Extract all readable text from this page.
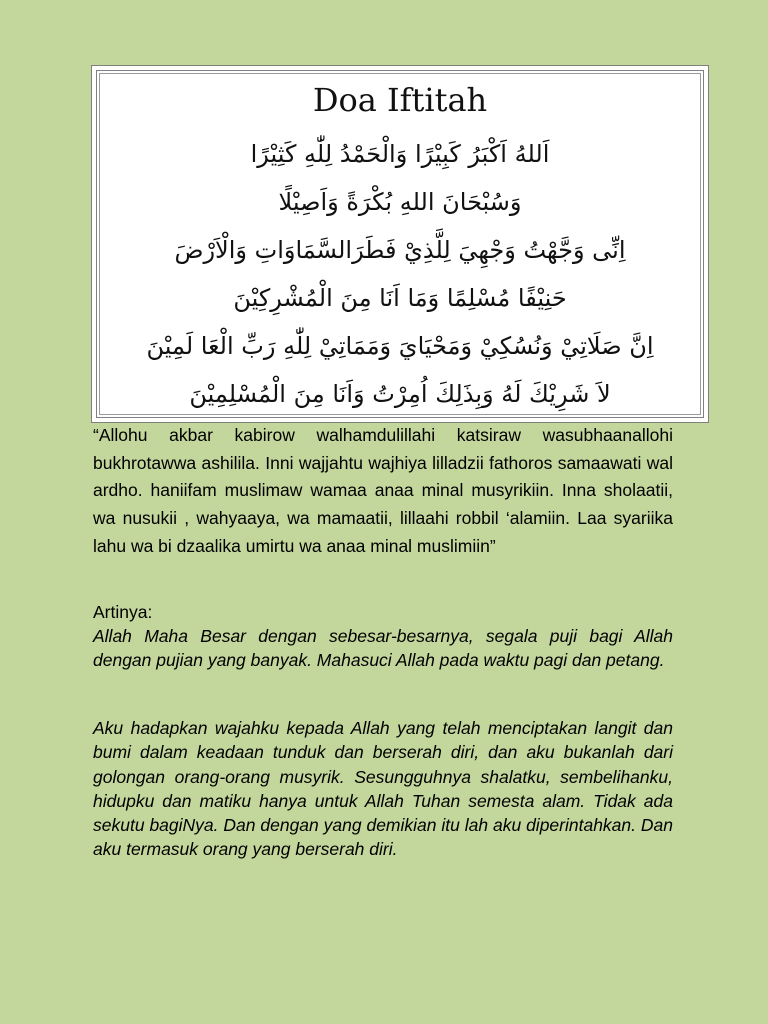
Doa Iftitah
اَللهُ اَكْبَرُ كَبِيْرًا وَالْحَمْدُ لِلّٰهِ كَثِيْرًا
وَسُبْحَانَ اللهِ بُكْرَةً وَاَصِيْلًا
اِنِّى وَجَّهْتُ وَجْهِيَ لِلَّذِيْ فَطَرَالسَّمَاوَاتِ وَالْاَرْضَ
حَنِيْفًا مُسْلِمًا وَمَا اَنَا مِنَ الْمُشْرِكِيْنَ
اِنَّ صَلَاتِيْ وَنُسُكِيْ وَمَحْيَايَ وَمَمَاتِيْ لِلّٰهِ رَبِّ الْعَا لَمِيْنَ
لاَ شَرِيْكَ لَهُ وَبِذَلِكَ اُمِرْتُ وَاَنَا مِنَ الْمُسْلِمِيْنَ

“Allohu akbar kabirow walhamdulillahi katsiraw wasubhaanallohi bukhrotawwa ashilila. Inni wajjahtu wajhiya lilladzii fathoros samaawati wal ardho. haniifam muslimaw wamaa anaa minal musyrikiin. Inna sholaatii, wa nusukii , wahyaaya, wa mamaatii, lillaahi robbil ‘alamiin. Laa syariika lahu wa bi dzaalika umirtu wa anaa minal muslimiin”

Artinya:

Allah Maha Besar dengan sebesar-besarnya, segala puji bagi Allah dengan pujian yang banyak. Mahasuci Allah pada waktu pagi dan petang.

Aku hadapkan wajahku kepada Allah yang telah menciptakan langit dan bumi dalam keadaan tunduk dan berserah diri, dan aku bukanlah dari golongan orang-orang musyrik. Sesungguhnya shalatku, sembelihanku, hidupku dan matiku hanya untuk Allah Tuhan semesta alam. Tidak ada sekutu bagiNya. Dan dengan yang demikian itu lah aku diperintahkan. Dan aku termasuk orang yang berserah diri.
